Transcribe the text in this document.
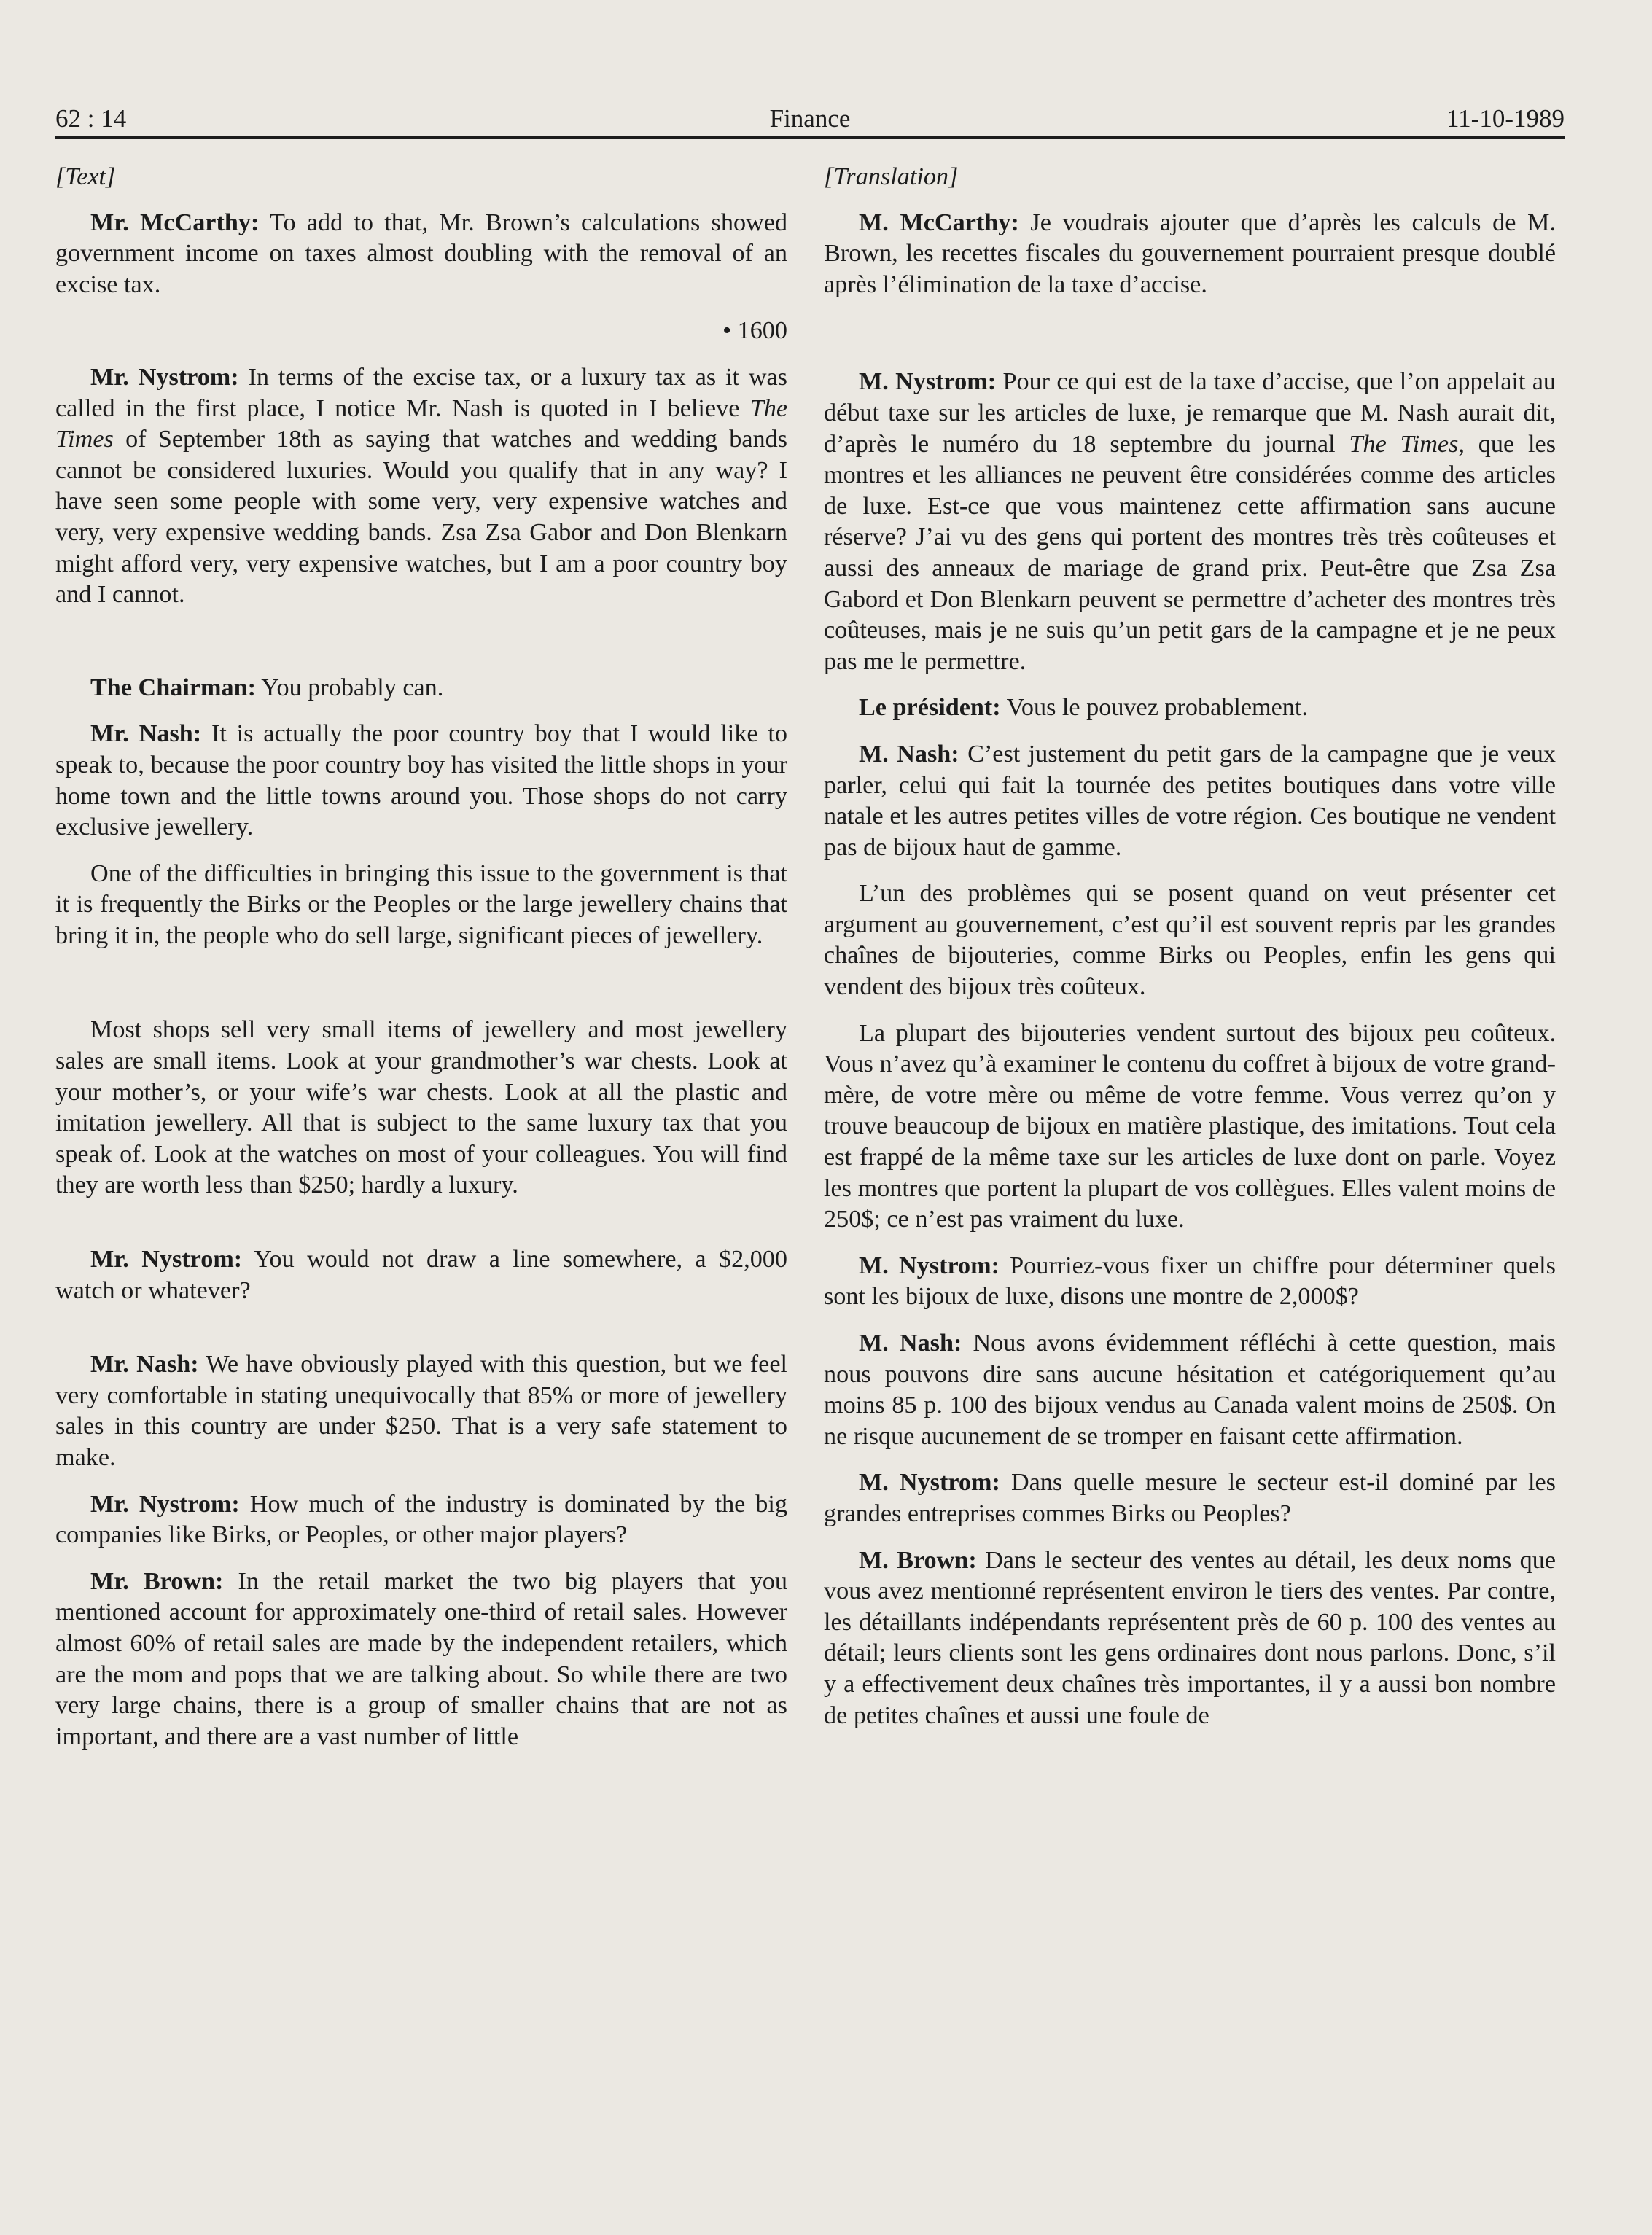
62 : 14	Finance	11-10-1989

[Text]

Mr. McCarthy: To add to that, Mr. Brown’s calculations showed government income on taxes almost doubling with the removal of an excise tax.

• 1600

Mr. Nystrom: In terms of the excise tax, or a luxury tax as it was called in the first place, I notice Mr. Nash is quoted in I believe The Times of September 18th as saying that watches and wedding bands cannot be considered luxuries. Would you qualify that in any way? I have seen some people with some very, very expensive watches and very, very expensive wedding bands. Zsa Zsa Gabor and Don Blenkarn might afford very, very expensive watches, but I am a poor country boy and I cannot.

The Chairman: You probably can.

Mr. Nash: It is actually the poor country boy that I would like to speak to, because the poor country boy has visited the little shops in your home town and the little towns around you. Those shops do not carry exclusive jewellery.

One of the difficulties in bringing this issue to the government is that it is frequently the Birks or the Peoples or the large jewellery chains that bring it in, the people who do sell large, significant pieces of jewellery.

Most shops sell very small items of jewellery and most jewellery sales are small items. Look at your grandmother’s war chests. Look at your mother’s, or your wife’s war chests. Look at all the plastic and imitation jewellery. All that is subject to the same luxury tax that you speak of. Look at the watches on most of your colleagues. You will find they are worth less than $250; hardly a luxury.

Mr. Nystrom: You would not draw a line somewhere, a $2,000 watch or whatever?

Mr. Nash: We have obviously played with this question, but we feel very comfortable in stating unequivocally that 85% or more of jewellery sales in this country are under $250. That is a very safe statement to make.

Mr. Nystrom: How much of the industry is dominated by the big companies like Birks, or Peoples, or other major players?

Mr. Brown: In the retail market the two big players that you mentioned account for approximately one-third of retail sales. However almost 60% of retail sales are made by the independent retailers, which are the mom and pops that we are talking about. So while there are two very large chains, there is a group of smaller chains that are not as important, and there are a vast number of little

[Translation]

M. McCarthy: Je voudrais ajouter que d’après les calculs de M. Brown, les recettes fiscales du gouvernement pourraient presque doublé après l’élimination de la taxe d’accise.

M. Nystrom: Pour ce qui est de la taxe d’accise, que l’on appelait au début taxe sur les articles de luxe, je remarque que M. Nash aurait dit, d’après le numéro du 18 septembre du journal The Times, que les montres et les alliances ne peuvent être considérées comme des articles de luxe. Est-ce que vous maintenez cette affirmation sans aucune réserve? J’ai vu des gens qui portent des montres très très coûteuses et aussi des anneaux de mariage de grand prix. Peut-être que Zsa Zsa Gabord et Don Blenkarn peuvent se permettre d’acheter des montres très coûteuses, mais je ne suis qu’un petit gars de la campagne et je ne peux pas me le permettre.

Le président: Vous le pouvez probablement.

M. Nash: C’est justement du petit gars de la campagne que je veux parler, celui qui fait la tournée des petites boutiques dans votre ville natale et les autres petites villes de votre région. Ces boutique ne vendent pas de bijoux haut de gamme.

L’un des problèmes qui se posent quand on veut présenter cet argument au gouvernement, c’est qu’il est souvent repris par les grandes chaînes de bijouteries, comme Birks ou Peoples, enfin les gens qui vendent des bijoux très coûteux.

La plupart des bijouteries vendent surtout des bijoux peu coûteux. Vous n’avez qu’à examiner le contenu du coffret à bijoux de votre grand-mère, de votre mère ou même de votre femme. Vous verrez qu’on y trouve beaucoup de bijoux en matière plastique, des imitations. Tout cela est frappé de la même taxe sur les articles de luxe dont on parle. Voyez les montres que portent la plupart de vos collègues. Elles valent moins de 250$; ce n’est pas vraiment du luxe.

M. Nystrom: Pourriez-vous fixer un chiffre pour déterminer quels sont les bijoux de luxe, disons une montre de 2,000$?

M. Nash: Nous avons évidemment réfléchi à cette question, mais nous pouvons dire sans aucune hésitation et catégoriquement qu’au moins 85 p. 100 des bijoux vendus au Canada valent moins de 250$. On ne risque aucunement de se tromper en faisant cette affirmation.

M. Nystrom: Dans quelle mesure le secteur est-il dominé par les grandes entreprises commes Birks ou Peoples?

M. Brown: Dans le secteur des ventes au détail, les deux noms que vous avez mentionné représentent environ le tiers des ventes. Par contre, les détaillants indépendants représentent près de 60 p. 100 des ventes au détail; leurs clients sont les gens ordinaires dont nous parlons. Donc, s’il y a effectivement deux chaînes très importantes, il y a aussi bon nombre de petites chaînes et aussi une foule de
